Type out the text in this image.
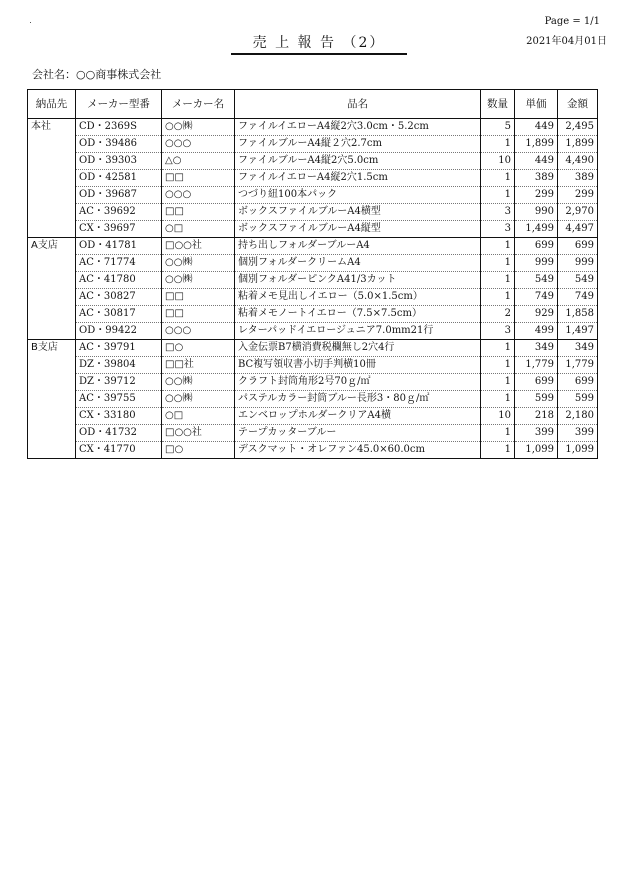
Page = 1/1
2021年04月01日
売 上 報 告 （2）
会社名：○○商事株式会社
納品先	メーカー型番	メーカー名	品名	数量	単価	金額
本社	CD・2369S	○○㈱	ファイルイエローA4縦2穴3.0cm・5.2cm	5	449	2,495
	OD・39486	○○○	ファイルブルーA4縦２穴2.7cm	1	1,899	1,899
	OD・39303	△○	ファイルブルーA4縦2穴5.0cm	10	449	4,490
	OD・42581	□□	ファイルイエローA4縦2穴1.5cm	1	389	389
	OD・39687	○○○	つづり紐100本パック	1	299	299
	AC・39692	□□	ボックスファイルブルーA4横型	3	990	2,970
	CX・39697	○□	ボックスファイルブルーA4縦型	3	1,499	4,497
A支店	OD・41781	□○○社	持ち出しフォルダーブルーA4	1	699	699
	AC・71774	○○㈱	個別フォルダークリームA4	1	999	999
	AC・41780	○○㈱	個別フォルダーピンクA41/3カット	1	549	549
	AC・30827	□□	粘着メモ見出しイエロー（5.0×1.5cm）	1	749	749
	AC・30817	□□	粘着メモノートイエロー（7.5×7.5cm）	2	929	1,858
	OD・99422	○○○	レターパッドイエロージュニア7.0mm21行	3	499	1,497
B支店	AC・39791	□○	入金伝票B7横消費税欄無し2穴4行	1	349	349
	DZ・39804	□□社	BC複写領収書小切手判横10冊	1	1,779	1,779
	DZ・39712	○○㈱	クラフト封筒角形2号70ｇ/㎡	1	699	699
	AC・39755	○○㈱	パステルカラー封筒ブルー長形3・80ｇ/㎡	1	599	599
	CX・33180	○□	エンベロップホルダークリアA4横	10	218	2,180
	OD・41732	□○○社	テープカッターブルー	1	399	399
	CX・41770	□○	デスクマット・オレファン45.0×60.0cm	1	1,099	1,099
